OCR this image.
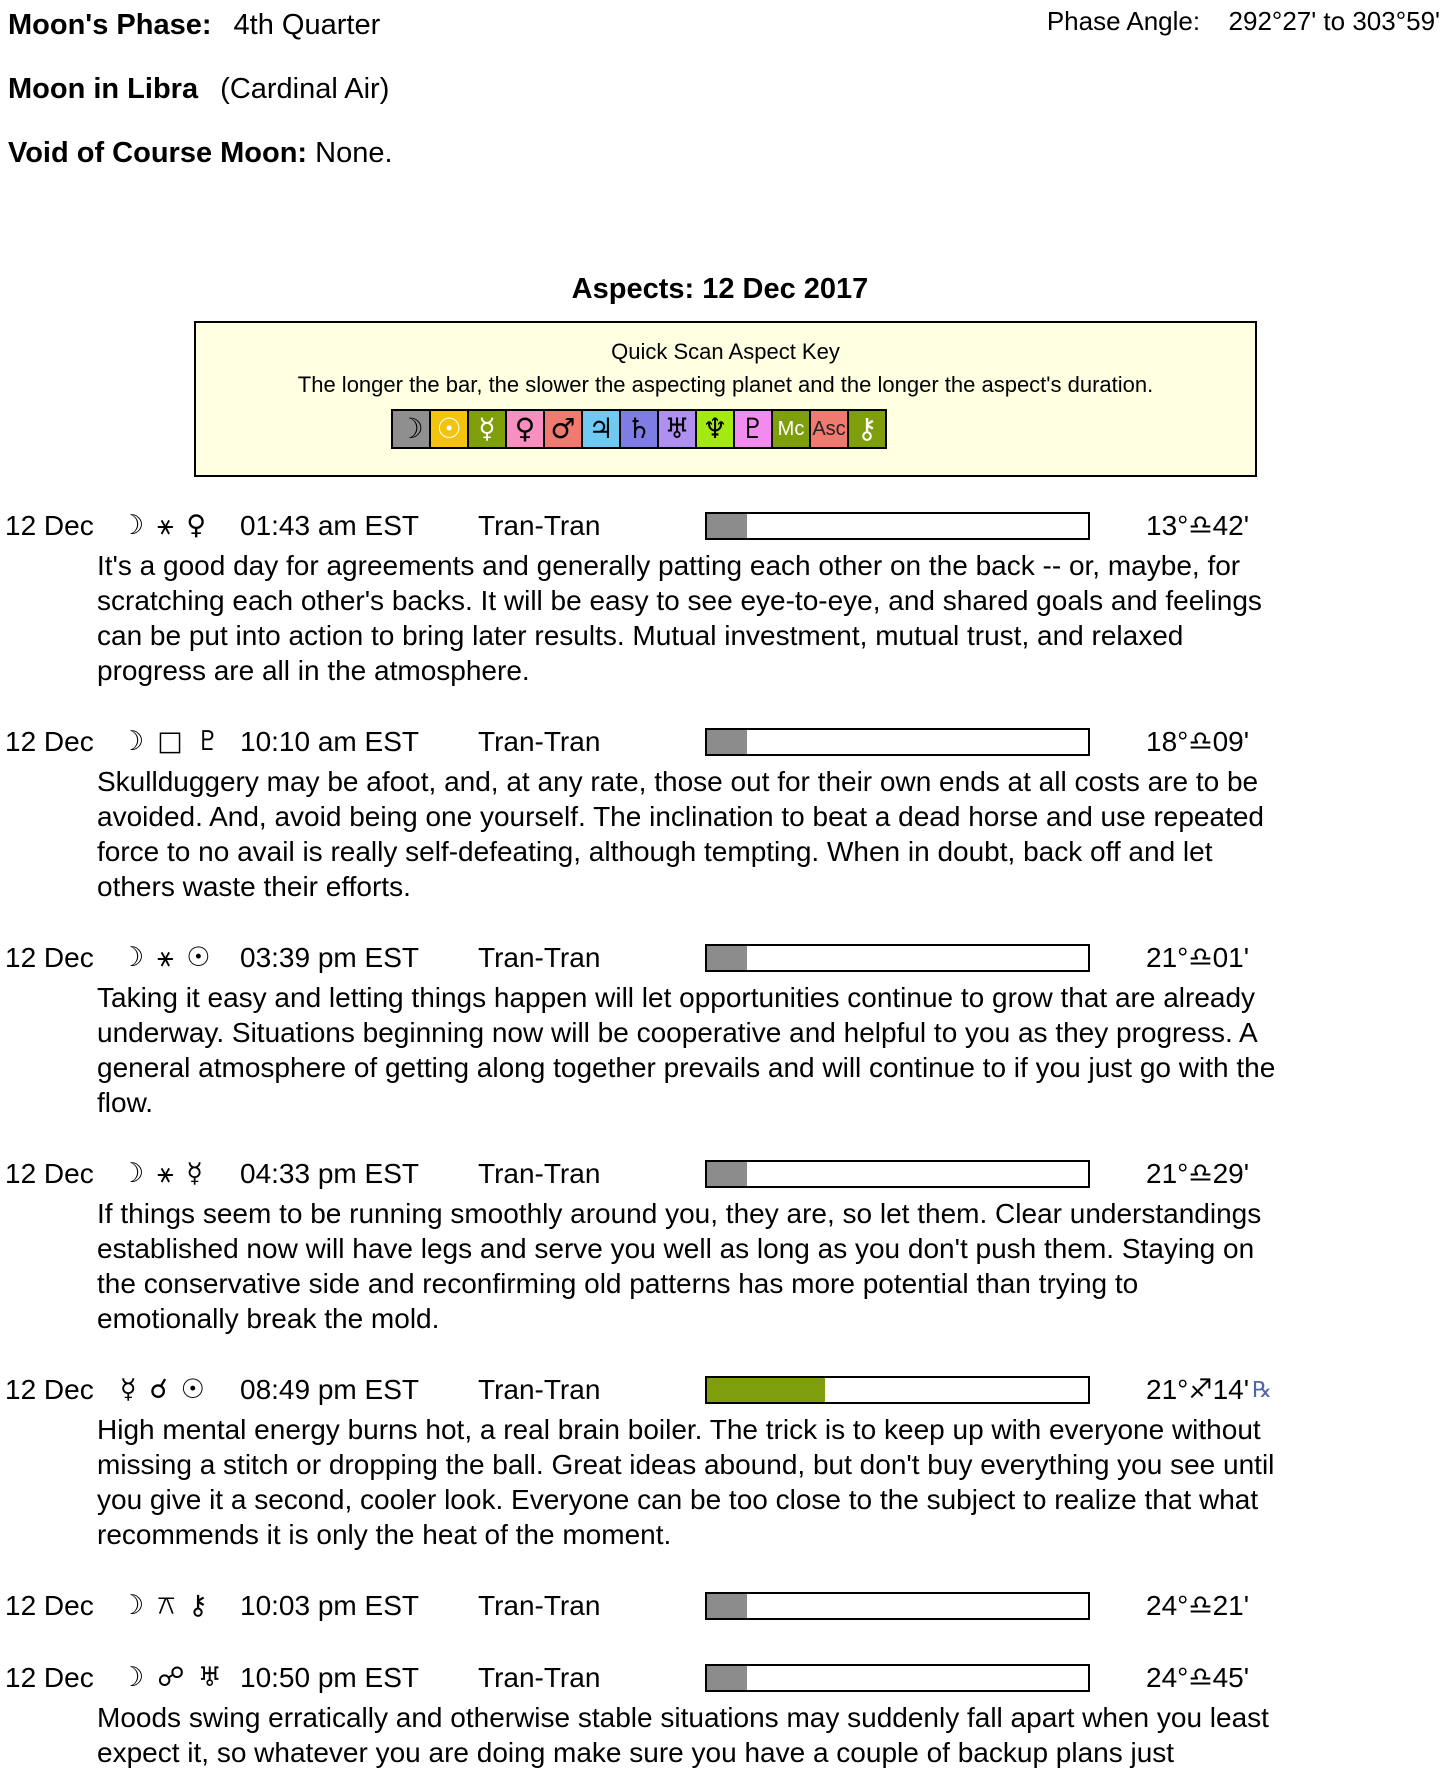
Moon's Phase: 4th Quarter
Moon in Libra (Cardinal Air)
Void of Course Moon: None.
Phase Angle: 292°27' to 303°59'
Aspects: 12 Dec 2017
Quick Scan Aspect Key
The longer the bar, the slower the aspecting planet and the longer the aspect's duration.
☽ ☉ ☿ ♀ ♂ ♃ ♄ ♅ ♆ ♇ Mc Asc ⚷
12 Dec ☽ ⚹ ♀ 01:43 am EST	Tran-Tran	13° ♎ 42'

It's a good day for agreements and generally patting each other on the back -- or, maybe, for scratching each other's backs. It will be easy to see eye-to-eye, and shared goals and feelings can be put into action to bring later results. Mutual investment, mutual trust, and relaxed progress are all in the atmosphere.

12 Dec ☽ □ ♇ 10:10 am EST	Tran-Tran	18° ♎ 09'

Skullduggery may be afoot, and, at any rate, those out for their own ends at all costs are to be avoided. And, avoid being one yourself. The inclination to beat a dead horse and use repeated force to no avail is really self-defeating, although tempting. When in doubt, back off and let others waste their efforts.

12 Dec ☽ ⚹ ☉ 03:39 pm EST	Tran-Tran	21° ♎ 01'

Taking it easy and letting things happen will let opportunities continue to grow that are already underway. Situations beginning now will be cooperative and helpful to you as they progress. A general atmosphere of getting along together prevails and will continue to if you just go with the flow.

12 Dec ☽ ⚹ ☿ 04:33 pm EST	Tran-Tran	21° ♎ 29'

If things seem to be running smoothly around you, they are, so let them. Clear understandings established now will have legs and serve you well as long as you don't push them. Staying on the conservative side and reconfirming old patterns has more potential than trying to emotionally break the mold.

12 Dec ☿ ☌ ☉ 08:49 pm EST	Tran-Tran	21° ♐ 14' ℞

High mental energy burns hot, a real brain boiler. The trick is to keep up with everyone without missing a stitch or dropping the ball. Great ideas abound, but don't buy everything you see until you give it a second, cooler look. Everyone can be too close to the subject to realize that what recommends it is only the heat of the moment.

12 Dec ☽ ⚻ ⚷ 10:03 pm EST	Tran-Tran	24° ♎ 21'
12 Dec ☽ ☍ ♅ 10:50 pm EST	Tran-Tran	24° ♎ 45'

Moods swing erratically and otherwise stable situations may suddenly fall apart when you least expect it, so whatever you are doing make sure you have a couple of backup plans just
